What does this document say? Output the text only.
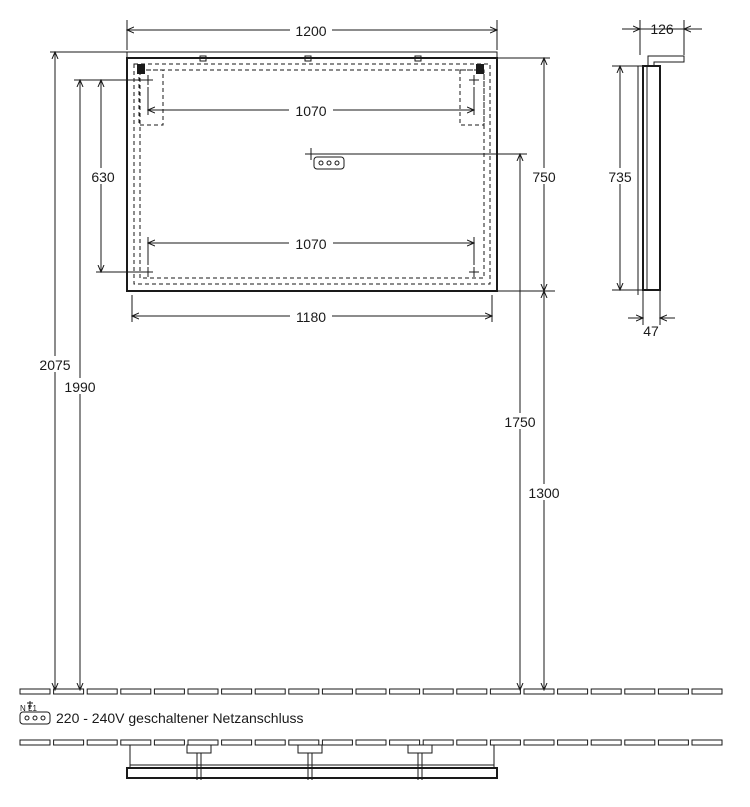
1200
1070
1070
1180
630	750
2075
1990
1750
1300
126
735
47
N L1
220 - 240V geschaltener Netzanschluss
